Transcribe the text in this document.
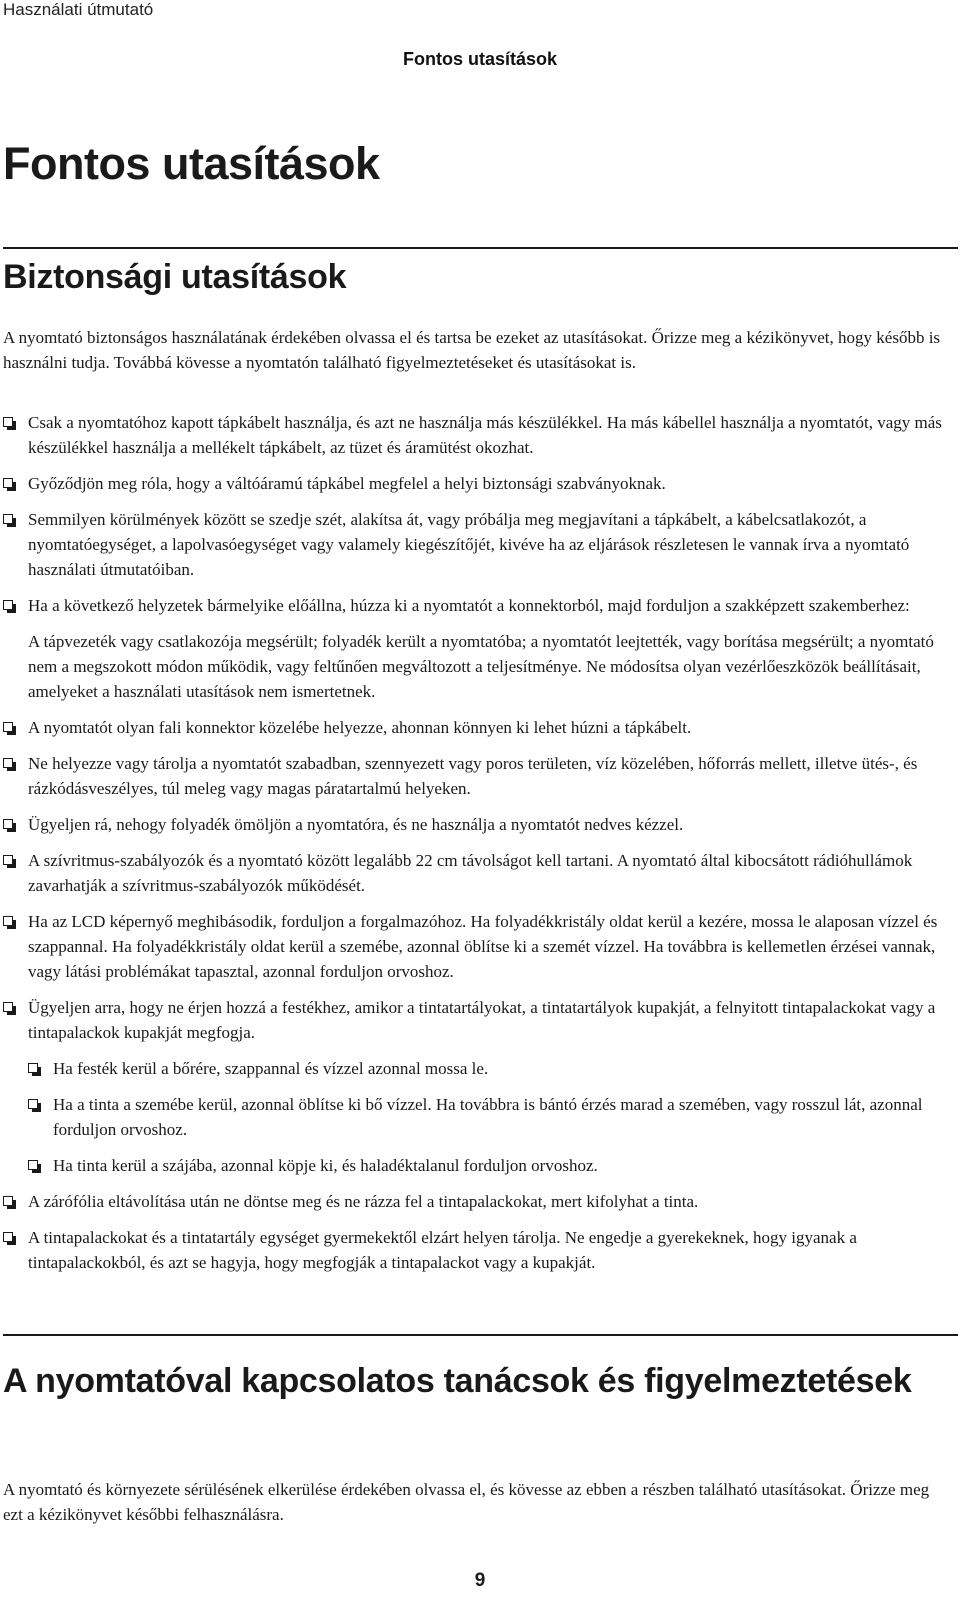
Használati útmutató
Fontos utasítások
Fontos utasítások
Biztonsági utasítások

A nyomtató biztonságos használatának érdekében olvassa el és tartsa be ezeket az utasításokat. Őrizze meg a kézikönyvet, hogy később is használni tudja. Továbbá kövesse a nyomtatón található figyelmeztetéseket és utasításokat is.

Csak a nyomtatóhoz kapott tápkábelt használja, és azt ne használja más készülékkel. Ha más kábellel használja a nyomtatót, vagy más készülékkel használja a mellékelt tápkábelt, az tüzet és áramütést okozhat.
Győződjön meg róla, hogy a váltóáramú tápkábel megfelel a helyi biztonsági szabványoknak.
Semmilyen körülmények között se szedje szét, alakítsa át, vagy próbálja meg megjavítani a tápkábelt, a kábelcsatlakozót, a nyomtatóegységet, a lapolvasóegységet vagy valamely kiegészítőjét, kivéve ha az eljárások részletesen le vannak írva a nyomtató használati útmutatóiban.
Ha a következő helyzetek bármelyike előállna, húzza ki a nyomtatót a konnektorból, majd forduljon a szakképzett szakemberhez:
A tápvezeték vagy csatlakozója megsérült; folyadék került a nyomtatóba; a nyomtatót leejtették, vagy borítása megsérült; a nyomtató nem a megszokott módon működik, vagy feltűnően megváltozott a teljesítménye. Ne módosítsa olyan vezérlőeszközök beállításait, amelyeket a használati utasítások nem ismertetnek.
A nyomtatót olyan fali konnektor közelébe helyezze, ahonnan könnyen ki lehet húzni a tápkábelt.
Ne helyezze vagy tárolja a nyomtatót szabadban, szennyezett vagy poros területen, víz közelében, hőforrás mellett, illetve ütés-, és rázkódásveszélyes, túl meleg vagy magas páratartalmú helyeken.
Ügyeljen rá, nehogy folyadék ömöljön a nyomtatóra, és ne használja a nyomtatót nedves kézzel.
A szívritmus-szabályozók és a nyomtató között legalább 22 cm távolságot kell tartani. A nyomtató által kibocsátott rádióhullámok zavarhatják a szívritmus-szabályozók működését.
Ha az LCD képernyő meghibásodik, forduljon a forgalmazóhoz. Ha folyadékkristály oldat kerül a kezére, mossa le alaposan vízzel és szappannal. Ha folyadékkristály oldat kerül a szemébe, azonnal öblítse ki a szemét vízzel. Ha továbbra is kellemetlen érzései vannak, vagy látási problémákat tapasztal, azonnal forduljon orvoshoz.
Ügyeljen arra, hogy ne érjen hozzá a festékhez, amikor a tintatartályokat, a tintatartályok kupakját, a felnyitott tintapalackokat vagy a tintapalackok kupakját megfogja.
Ha festék kerül a bőrére, szappannal és vízzel azonnal mossa le.
Ha a tinta a szemébe kerül, azonnal öblítse ki bő vízzel. Ha továbbra is bántó érzés marad a szemében, vagy rosszul lát, azonnal forduljon orvoshoz.
Ha tinta kerül a szájába, azonnal köpje ki, és haladéktalanul forduljon orvoshoz.
A zárófólia eltávolítása után ne döntse meg és ne rázza fel a tintapalackokat, mert kifolyhat a tinta.
A tintapalackokat és a tintatartály egységet gyermekektől elzárt helyen tárolja. Ne engedje a gyerekeknek, hogy igyanak a tintapalackokból, és azt se hagyja, hogy megfogják a tintapalackot vagy a kupakját.
A nyomtatóval kapcsolatos tanácsok és figyelmeztetések

A nyomtató és környezete sérülésének elkerülése érdekében olvassa el, és kövesse az ebben a részben található utasításokat. Őrizze meg ezt a kézikönyvet későbbi felhasználásra.

9
